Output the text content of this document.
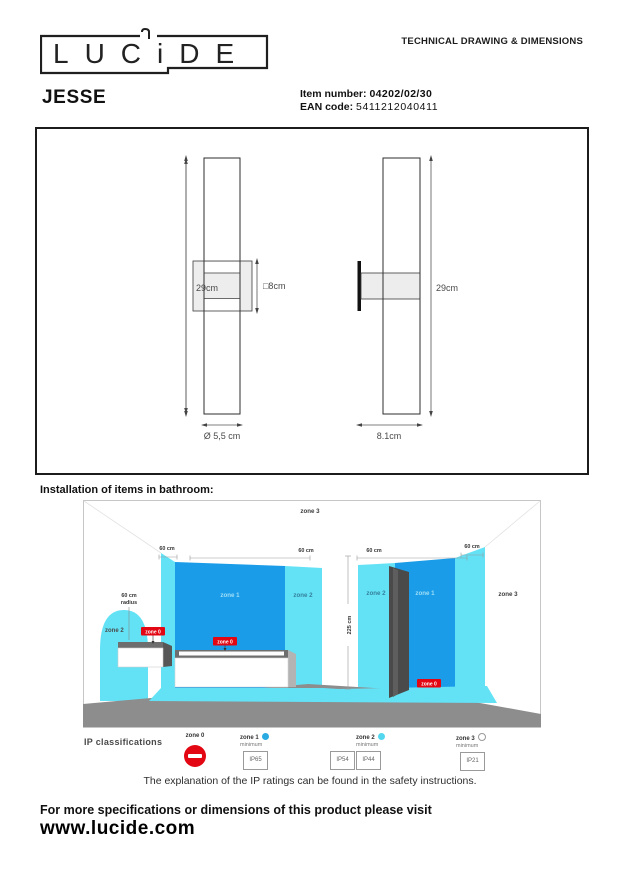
LUCiDE	TECHNICAL DRAWING & DIMENSIONS
JESSE	Item number: 04202/02/30
EAN code: 5411212040411
29cm	□8cm
Ø 5,5 cm
29cm
8.1cm
Installation of items in bathroom:
60 cm
radius
zone 3
zone 3
zone 1	zone 2	zone 2	zone 1
zone 2
60 cm	60 cm	60 cm
60 cm
225 cm
zone 0
zone 0
zone 0
IP classifications
zone 0	zone 1
minimum
IP65
zone 2
minimum
IP54 IP44
zone 3
minimum
IP21
The explanation of the IP ratings can be found in the safety instructions.
For more specifications or dimensions of this product please visit
www.lucide.com
